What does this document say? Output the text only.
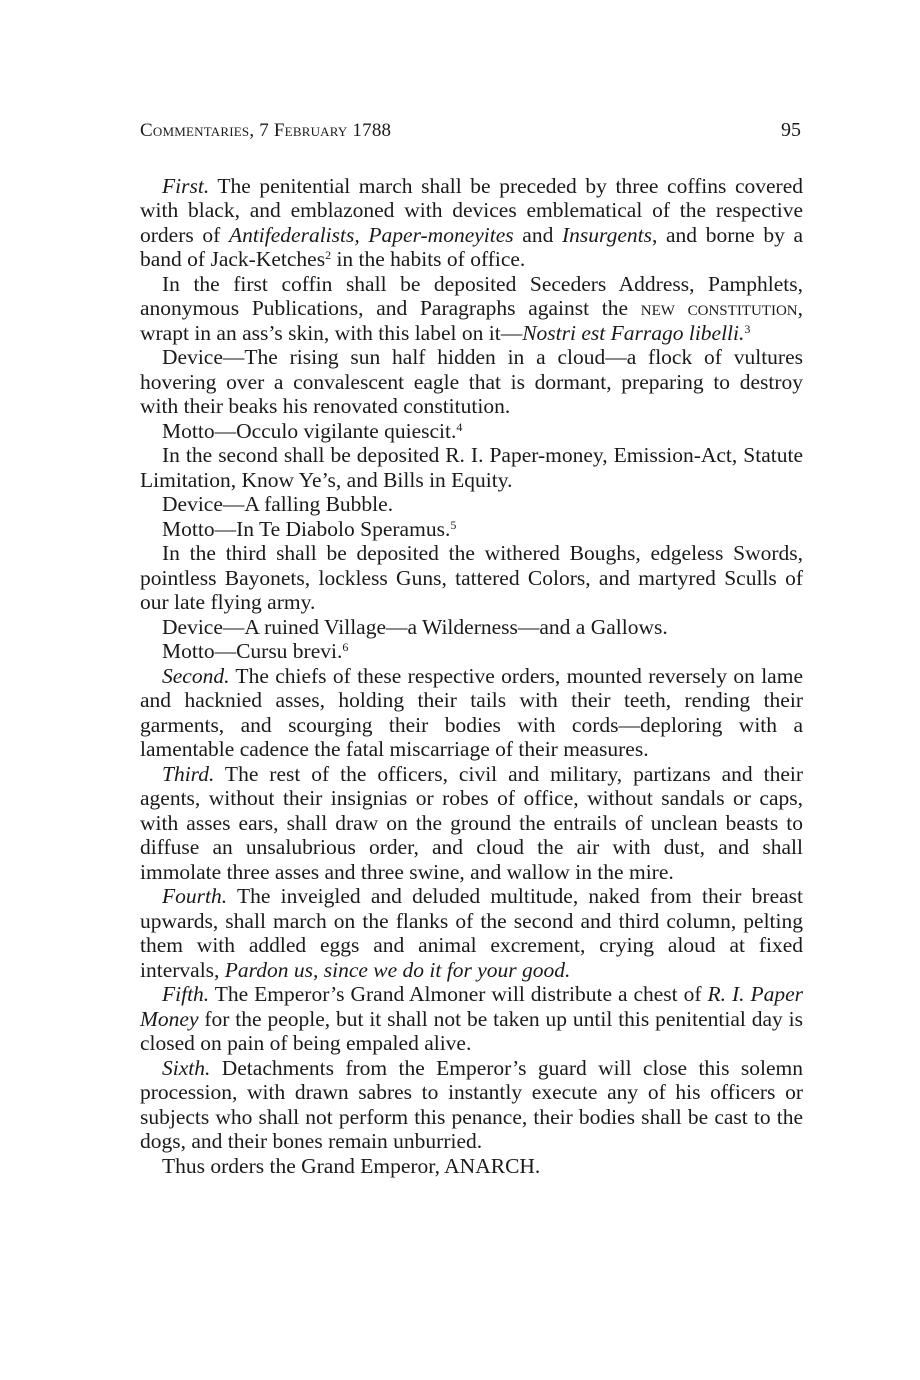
Commentaries, 7 February 1788	95

First. The penitential march shall be preceded by three coffins covered with black, and emblazoned with devices emblematical of the respective orders of Antifederalists, Paper-moneyites and Insurgents, and borne by a band of Jack-Ketches$^2$ in the habits of office.

In the first coffin shall be deposited Seceders Address, Pamphlets, anonymous Publications, and Paragraphs against the new constitution, wrapt in an ass’s skin, with this label on it—Nostri est Farrago libelli.$^3$

Device—The rising sun half hidden in a cloud—a flock of vultures hovering over a convalescent eagle that is dormant, preparing to destroy with their beaks his renovated constitution.

Motto—Occulo vigilante quiescit.$^4$

In the second shall be deposited R. I. Paper-money, Emission-Act, Statute Limitation, Know Ye’s, and Bills in Equity.

Device—A falling Bubble.

Motto—In Te Diabolo Speramus.$^5$

In the third shall be deposited the withered Boughs, edgeless Swords, pointless Bayonets, lockless Guns, tattered Colors, and martyred Sculls of our late flying army.

Device—A ruined Village—a Wilderness—and a Gallows.

Motto—Cursu brevi.$^6$

Second. The chiefs of these respective orders, mounted reversely on lame and hacknied asses, holding their tails with their teeth, rending their garments, and scourging their bodies with cords—deploring with a lamentable cadence the fatal miscarriage of their measures.

Third. The rest of the officers, civil and military, partizans and their agents, without their insignias or robes of office, without sandals or caps, with asses ears, shall draw on the ground the entrails of unclean beasts to diffuse an unsalubrious order, and cloud the air with dust, and shall immolate three asses and three swine, and wallow in the mire.

Fourth. The inveigled and deluded multitude, naked from their breast upwards, shall march on the flanks of the second and third column, pelting them with addled eggs and animal excrement, crying aloud at fixed intervals, Pardon us, since we do it for your good.

Fifth. The Emperor’s Grand Almoner will distribute a chest of R. I. Paper Money for the people, but it shall not be taken up until this penitential day is closed on pain of being empaled alive.

Sixth. Detachments from the Emperor’s guard will close this solemn procession, with drawn sabres to instantly execute any of his officers or subjects who shall not perform this penance, their bodies shall be cast to the dogs, and their bones remain unburried.

Thus orders the Grand Emperor, ANARCH.
